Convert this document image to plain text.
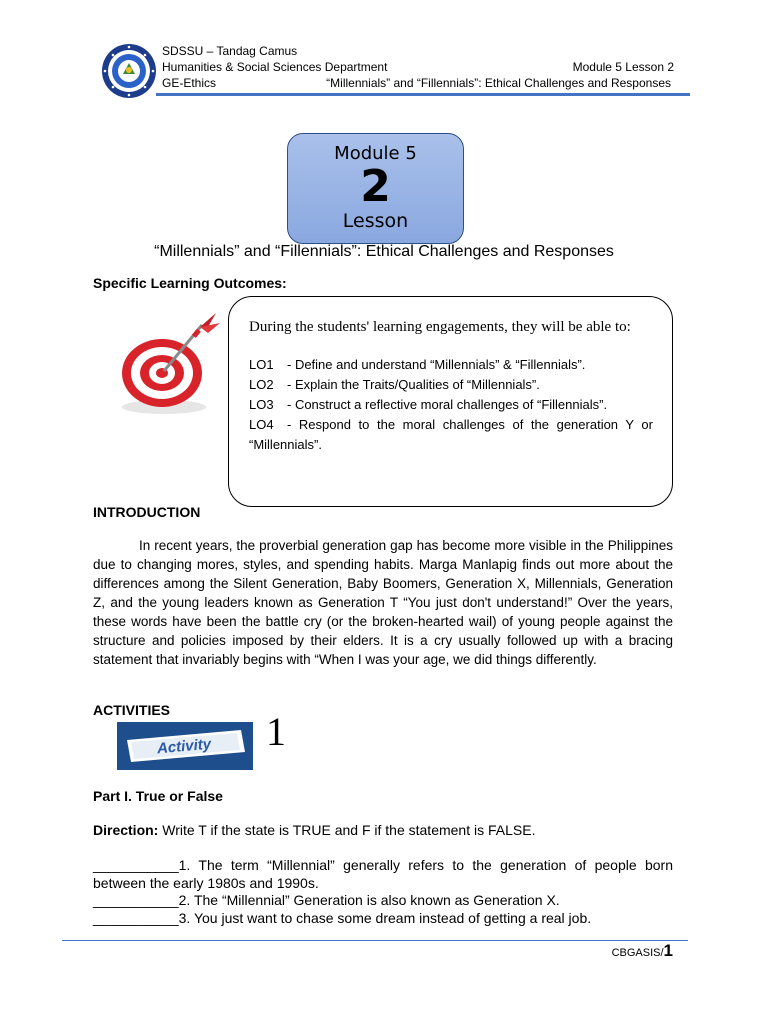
SDSSU – Tandag Camus
Humanities & Social Sciences Department
GE-Ethics
Module 5 Lesson 2
“Millennials” and “Fillennials”: Ethical Challenges and Responses
Module 5
2
Lesson
“Millennials” and “Fillennials”: Ethical Challenges and Responses
Specific Learning Outcomes:
During the students' learning engagements, they will be able to:
LO1 - Define and understand “Millennials” & “Fillennials”.
LO2 - Explain the Traits/Qualities of “Millennials”.
LO3 - Construct a reflective moral challenges of “Fillennials”.
LO4 - Respond to the moral challenges of the generation Y or “Millennials”.
INTRODUCTION
In recent years, the proverbial generation gap has become more visible in the Philippines due to changing mores, styles, and spending habits. Marga Manlapig finds out more about the differences among the Silent Generation, Baby Boomers, Generation X, Millennials, Generation Z, and the young leaders known as Generation T “You just don't understand!” Over the years, these words have been the battle cry (or the broken-hearted wail) of young people against the structure and policies imposed by their elders. It is a cry usually followed up with a bracing statement that invariably begins with “When I was your age, we did things differently.
ACTIVITIES
Activity 1
Part I. True or False
Direction: Write T if the state is TRUE and F if the statement is FALSE.
___________1. The term “Millennial” generally refers to the generation of people born between the early 1980s and 1990s.
___________2. The “Millennial” Generation is also known as Generation X.
___________3. You just want to chase some dream instead of getting a real job.
CBGASIS/1
